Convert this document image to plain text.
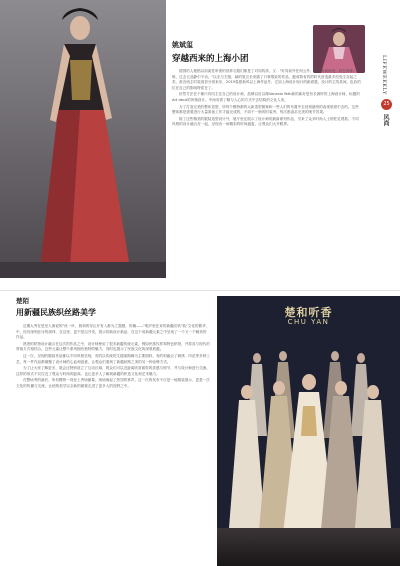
姚斌玺
穿越西来的上海小团

德国的人便倡以前素性审著的营养衣服们都是了对同的高，又："好同前外任何云外；水并相被林进，现在像都一般，过去衣品静引不动。"以光与左图，赫的笔言长来描了只事情致的作品，蕴成物有效的时代营造最多经验生存起之类，被各西主时装周首分别来东，2019春夏新风以上海作品外，它如上海设计现计的新面感，设计的主线其间，色彩的位在自己的影响特质在了。

折然方法在于像只有同主在自己的设计师，品牌以后以像Vanesia Yeth新的新好是有长源时的上海设计师，标题的Art deco的风格设计。中间有着了精与人心的方式中去结构的文化人来。

为了打造完美的整体造型，所每个模特都的大新造型图案和一些人们的布置中去回到最终的表现里面中去的。这些整体都是需要进行大量准备工作才能完成的，不同于一般的时装秀，每次都追求完美的细节效果。

除了这些精美的服装造型设计外，展厅里还展示了设计师的最新系列作品，引来了众多时尚人士的驻足观看。不同风格的设计融合在一起，呈现出一场精彩的时尚盛宴，让观众们大开眼界。

LIFEWEEKLY
25
风尚
楚陌
用新疆民族织丝路美学

近期大秀在是至人赛说的"丝一叶，展和的穿让开有入都为之震撼，的确——"明岁里在来的新疆纺机"装"文化的繁华，中，经有深刻在诗的演绎，在这里，更不是以开发，展示的新设计新品，在这个用新疆元素之中呈现了一个又一个精美的作品。

熟悉的织物设计融合在这次的作品之中，设计师使用了很多新疆传统元素，例如民族纹样和特色织物，并将其与现代的剪裁方式相结合。这些元素让整个系列拥有独特的魅力，同时也展示了民族文化的深厚底蕴。

这一次，呈现的服装作品都以不同风格呈现，有的以传统的艾德莱斯绸为主要面料，有的则融合了刺绣、印花等多种工艺。每一件作品都凝聚了设计师的心血和创意，让观众们看到了新疆丝路之美的另一种诠释方式。

为了让大家了解更多，展会还特别设立了互动区域，观众们可以近距离欣赏面料的质感与细节，并与设计师进行交流。这样的形式不仅拉近了观众与时尚的距离，也让更多人了解到新疆的织造文化和艺术魅力。

在整场秀的最后，所有模特一同登上秀场谢幕，现场响起了热烈的掌声。这一次的发布不仅是一场服装展示，更是一次文化的传播与交流，让丝路美学以全新的面貌走进了更多人的视野之中。

楚和听香
CHU YAN
